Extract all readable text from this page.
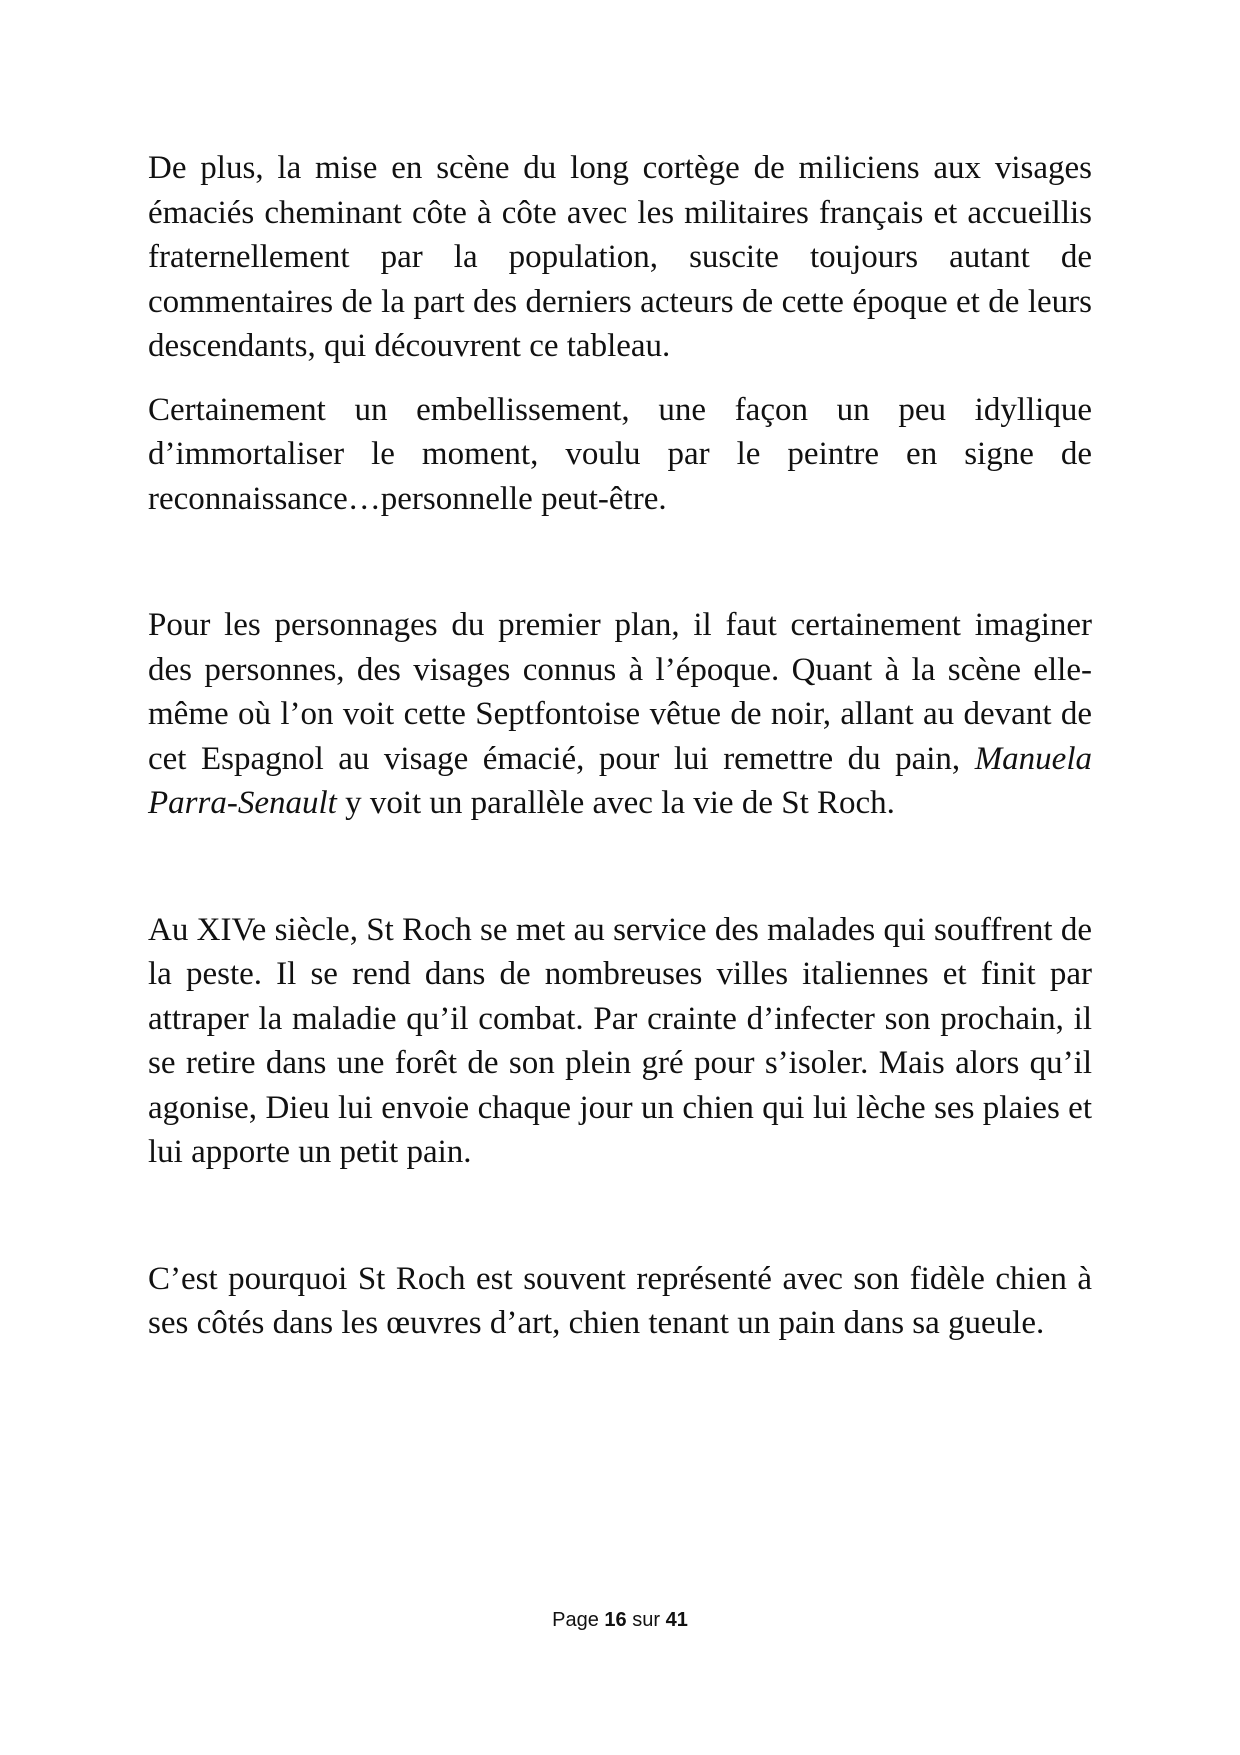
De plus, la mise en scène du long cortège de miliciens aux visages émaciés cheminant côte à côte avec les militaires français et accueillis fraternellement par la population, suscite toujours autant de commentaires de la part des derniers acteurs de cette époque et de leurs descendants, qui découvrent ce tableau.

Certainement un embellissement, une façon un peu idyllique d’immortaliser le moment, voulu par le peintre en signe de reconnaissance…personnelle peut-être.

Pour les personnages du premier plan, il faut certainement imaginer des personnes, des visages connus à l’époque. Quant à la scène elle-même où l’on voit cette Septfontoise vêtue de noir, allant au devant de cet Espagnol au visage émacié, pour lui remettre du pain, Manuela Parra-Senault y voit un parallèle avec la vie de St Roch.

Au XIVe siècle, St Roch se met au service des malades qui souffrent de la peste. Il se rend dans de nombreuses villes italiennes et finit par attraper la maladie qu’il combat. Par crainte d’infecter son prochain, il se retire dans une forêt de son plein gré pour s’isoler. Mais alors qu’il agonise, Dieu lui envoie chaque jour un chien qui lui lèche ses plaies et lui apporte un petit pain.

C’est pourquoi St Roch est souvent représenté avec son fidèle chien à ses côtés dans les œuvres d’art, chien tenant un pain dans sa gueule.

Page 16 sur 41
